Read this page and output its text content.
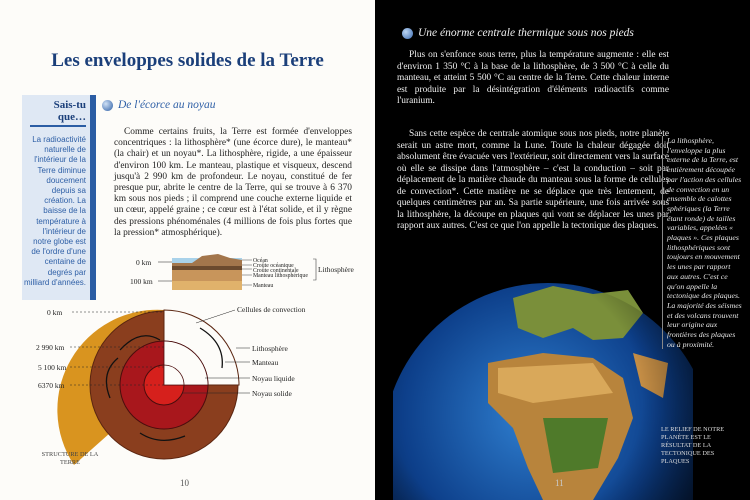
Les enveloppes solides de la Terre
Sais-tu que…

La radioactivité naturelle de l'intérieur de la Terre diminue doucement depuis sa création. La baisse de la température à l'intérieur de notre globe est de l'ordre d'une centaine de degrés par milliard d'années.

De l'écorce au noyau

Comme certains fruits, la Terre est formée d'enveloppes concentriques : la lithosphère* (une écorce dure), le manteau* (la chair) et un noyau*. La lithosphère, rigide, a une épaisseur d'environ 100 km. Le manteau, plastique et visqueux, descend jusqu'à 2 990 km de profondeur. Le noyau, constitué de fer presque pur, abrite le centre de la Terre, qui se trouve à 6 370 km sous nos pieds ; il comprend une couche externe liquide et un cœur, appelé graine ; ce cœur est à l'état solide, et il y règne des pressions phénoménales (4 millions de fois plus fortes que la pression* atmosphérique).

0 km
100 km
Océan
Croûte océanique
Croûte continentale
Manteau lithosphérique
Manteau
Lithosphère
0 km
2 990 km
5 100 km
6370 km
Cellules de convection
Lithosphère
Manteau
Noyau liquide
Noyau solide

STRUCTURE DE LA TERRE

10
Une énorme centrale thermique sous nos pieds

Plus on s'enfonce sous terre, plus la température augmente : elle est d'environ 1 350 °C à la base de la lithosphère, de 3 500 °C à celle du manteau, et atteint 5 500 °C au centre de la Terre. Cette chaleur interne est produite par la désintégration d'éléments radioactifs comme l'uranium.

Sans cette espèce de centrale atomique sous nos pieds, notre planète serait un astre mort, comme la Lune. Toute la chaleur dégagée doit absolument être évacuée vers l'extérieur, soit directement vers la surface où elle se dissipe dans l'atmosphère – c'est la conduction – soit par déplacement de la matière chaude du manteau sous la forme de cellules de convection*. Cette matière ne se déplace que très lentement, de quelques centimètres par an. Sa partie supérieure, une fois arrivée sous la lithosphère, la découpe en plaques qui vont se déplacer les unes par rapport aux autres. C'est ce que l'on appelle la tectonique des plaques.

La lithosphère, l'enveloppe la plus externe de la Terre, est entièrement découpée par l'action des cellules de convection en un ensemble de calottes sphériques (la Terre étant ronde) de tailles variables, appelées « plaques ». Ces plaques lithosphériques sont toujours en mouvement les unes par rapport aux autres. C'est ce qu'on appelle la tectonique des plaques. La majorité des séismes et des volcans trouvent leur origine aux frontières des plaques ou à proximité.

LE RELIEF DE NOTRE PLANÈTE EST LE RÉSULTAT DE LA TECTONIQUE DES PLAQUES

11
